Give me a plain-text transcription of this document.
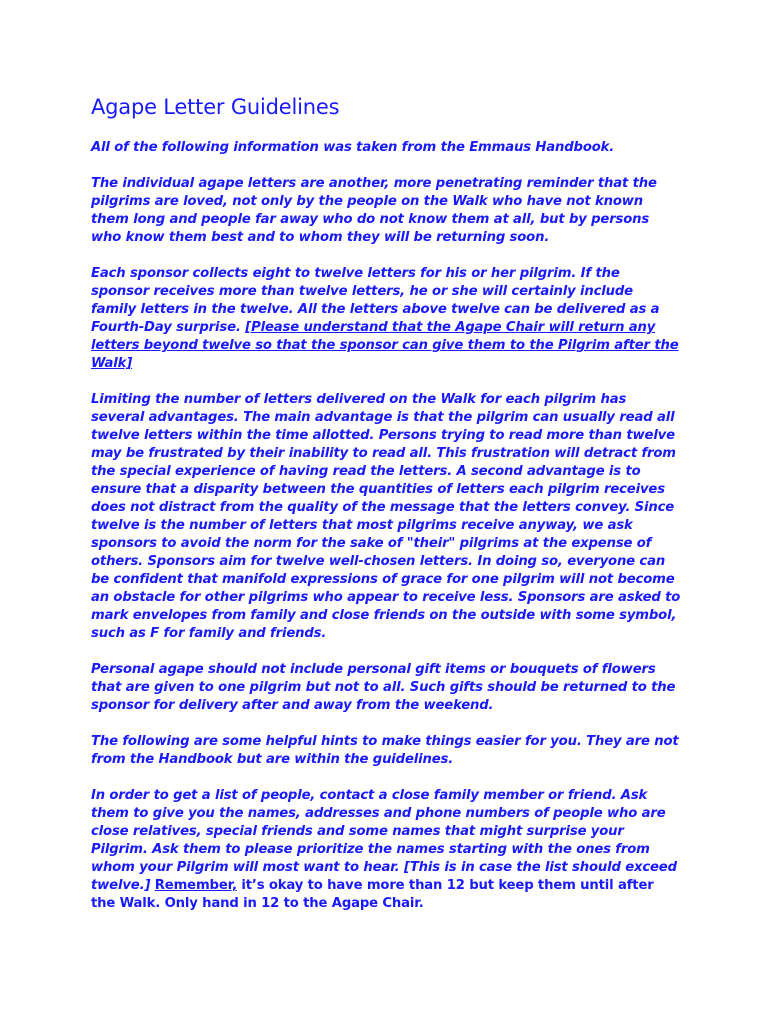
Agape Letter Guidelines

All of the following information was taken from the Emmaus Handbook.

The individual agape letters are another, more penetrating reminder that the pilgrims are loved, not only by the people on the Walk who have not known them long and people far away who do not know them at all, but by persons who know them best and to whom they will be returning soon.

Each sponsor collects eight to twelve letters for his or her pilgrim. If the sponsor receives more than twelve letters, he or she will certainly include family letters in the twelve. All the letters above twelve can be delivered as a Fourth-Day surprise. [Please understand that the Agape Chair will return any letters beyond twelve so that the sponsor can give them to the Pilgrim after the Walk]

Limiting the number of letters delivered on the Walk for each pilgrim has several advantages. The main advantage is that the pilgrim can usually read all twelve letters within the time allotted. Persons trying to read more than twelve may be frustrated by their inability to read all. This frustration will detract from the special experience of having read the letters. A second advantage is to ensure that a disparity between the quantities of letters each pilgrim receives does not distract from the quality of the message that the letters convey. Since twelve is the number of letters that most pilgrims receive anyway, we ask sponsors to avoid the norm for the sake of "their" pilgrims at the expense of others. Sponsors aim for twelve well-chosen letters. In doing so, everyone can be confident that manifold expressions of grace for one pilgrim will not become an obstacle for other pilgrims who appear to receive less. Sponsors are asked to mark envelopes from family and close friends on the outside with some symbol, such as F for family and friends.

Personal agape should not include personal gift items or bouquets of flowers that are given to one pilgrim but not to all. Such gifts should be returned to the sponsor for delivery after and away from the weekend.

The following are some helpful hints to make things easier for you. They are not from the Handbook but are within the guidelines.

In order to get a list of people, contact a close family member or friend. Ask them to give you the names, addresses and phone numbers of people who are close relatives, special friends and some names that might surprise your Pilgrim. Ask them to please prioritize the names starting with the ones from whom your Pilgrim will most want to hear. [This is in case the list should exceed twelve.] Remember, it’s okay to have more than 12 but keep them until after the Walk. Only hand in 12 to the Agape Chair.
